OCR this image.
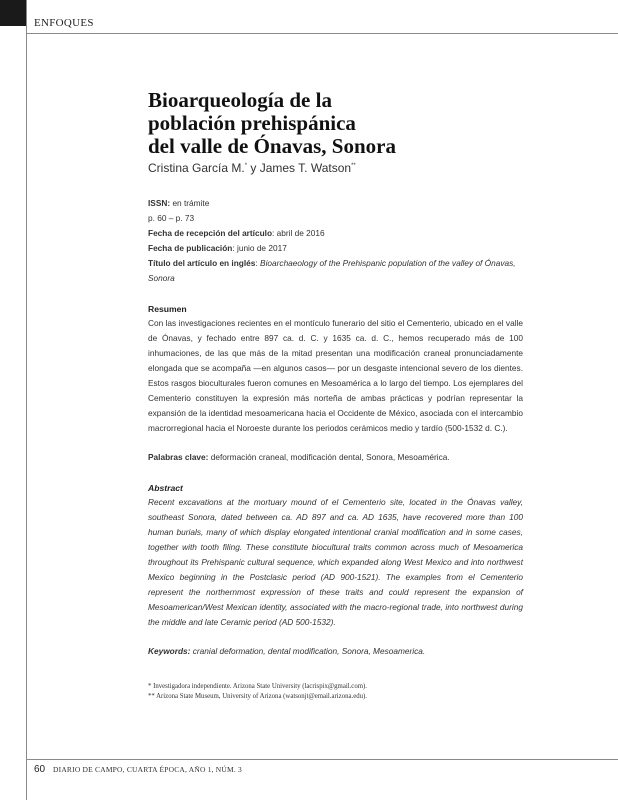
ENFOQUES
Bioarqueología de la
población prehispánica
del valle de Ónavas, Sonora
Cristina García M.* y James T. Watson**
ISSN: en trámite
p. 60 – p. 73
Fecha de recepción del artículo: abril de 2016
Fecha de publicación: junio de 2017
Título del artículo en inglés: Bioarchaeology of the Prehispanic population of the valley of Ónavas, Sonora
Resumen

Con las investigaciones recientes en el montículo funerario del sitio el Cementerio, ubicado en el valle de Ónavas, y fechado entre 897 ca. d. C. y 1635 ca. d. C., hemos recuperado más de 100 inhumaciones, de las que más de la mitad presentan una modificación craneal pronunciadamente elongada que se acompaña —en algunos casos— por un desgaste intencional severo de los dientes. Estos rasgos bioculturales fueron comunes en Mesoamérica a lo largo del tiempo. Los ejemplares del Cementerio constituyen la expresión más norteña de ambas prácticas y podrían representar la expansión de la identidad mesoamericana hacia el Occidente de México, asociada con el intercambio macrorregional hacia el Noroeste durante los periodos cerámicos medio y tardío (500-1532 d. C.).

Palabras clave: deformación craneal, modificación dental, Sonora, Mesoamérica.
Abstract

Recent excavations at the mortuary mound of el Cementerio site, located in the Ónavas valley, southeast Sonora, dated between ca. AD 897 and ca. AD 1635, have recovered more than 100 human burials, many of which display elongated intentional cranial modification and in some cases, together with tooth filing. These constitute biocultural traits common across much of Mesoamerica throughout its Prehispanic cultural sequence, which expanded along West Mexico and into northwest Mexico beginning in the Postclasic period (AD 900-1521). The examples from el Cementerio represent the northernmost expression of these traits and could represent the expansion of Mesoamerican/West Mexican identity, associated with the macro-regional trade, into northwest during the middle and late Ceramic period (AD 500-1532).

Keywords: cranial deformation, dental modification, Sonora, Mesoamerica.
* Investigadora independiente. Arizona State University (lacrispix@gmail.com).
** Arizona State Museum, University of Arizona (watsonjt@email.arizona.edu).
60 DIARIO DE CAMPO, CUARTA ÉPOCA, AÑO 1, NÚM. 3
